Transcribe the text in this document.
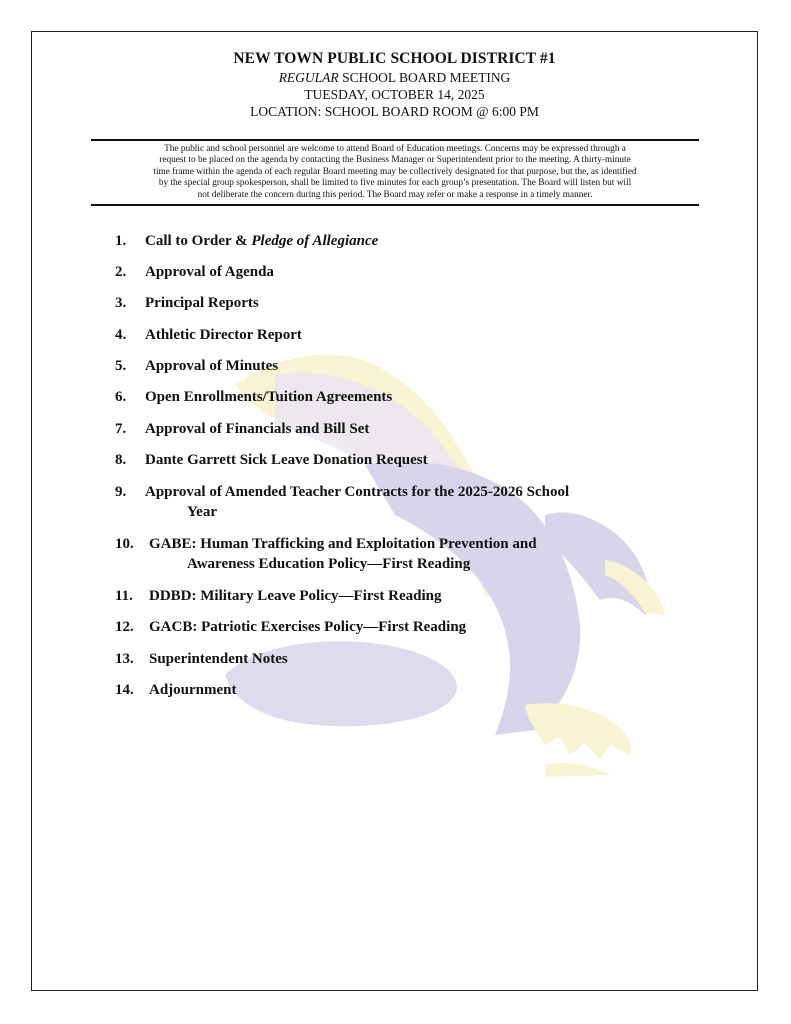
NEW TOWN PUBLIC SCHOOL DISTRICT #1
REGULAR SCHOOL BOARD MEETING
TUESDAY, OCTOBER 14, 2025
LOCATION: SCHOOL BOARD ROOM @ 6:00 PM
The public and school personnel are welcome to attend Board of Education meetings. Concerns may be expressed through a
request to be placed on the agenda by contacting the Business Manager or Superintendent prior to the meeting. A thirty-minute
time frame within the agenda of each regular Board meeting may be collectively designated for that purpose, but the, as identified
by the special group spokesperson, shall be limited to five minutes for each group’s presentation. The Board will listen but will
not deliberate the concern during this period. The Board may refer or make a response in a timely manner.
1. Call to Order & Pledge of Allegiance
2. Approval of Agenda
3. Principal Reports
4. Athletic Director Report
5. Approval of Minutes
6. Open Enrollments/Tuition Agreements
7. Approval of Financials and Bill Set
8. Dante Garrett Sick Leave Donation Request
9. Approval of Amended Teacher Contracts for the 2025-2026 School
Year
10. GABE: Human Trafficking and Exploitation Prevention and
Awareness Education Policy—First Reading
11. DDBD: Military Leave Policy—First Reading
12. GACB: Patriotic Exercises Policy—First Reading
13. Superintendent Notes
14. Adjournment
